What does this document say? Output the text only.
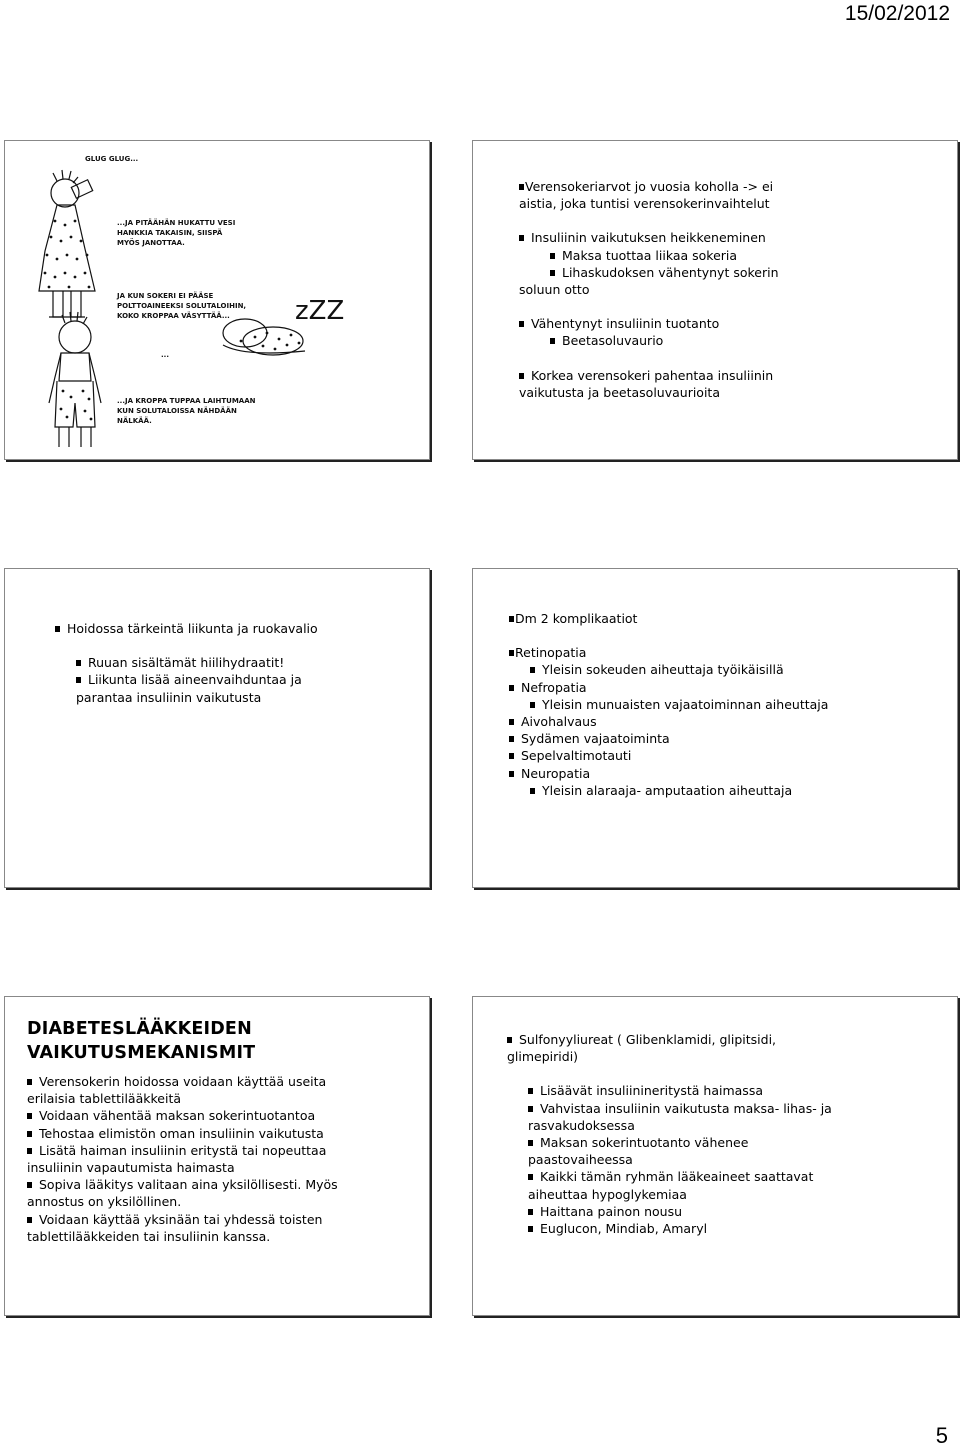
15/02/2012
GLUG GLUG...
...JA PITÄÄHÄN HUKATTU VESI
HANKKIA TAKAISIN, SIISPÄ
MYÖS JANOTTAA.
JA KUN SOKERI EI PÄÄSE
POLTTOAINEEKSI SOLUTALOIHIN,
KOKO KROPPAA VÄSYTTÄÄ...	zZZ
...
...JA KROPPA TUPPAA LAIHTUMAAN
KUN SOLUTALOISSA NÄHDÄÄN
NÄLKÄÄ.
Verensokeriarvot jo vuosia koholla -> ei
aistia, joka tuntisi verensokerinvaihtelut
Insuliinin vaikutuksen heikkeneminen
Maksa tuottaa liikaa sokeria
Lihaskudoksen vähentynyt sokerin
soluun otto
Vähentynyt insuliinin tuotanto
Beetasoluvaurio
Korkea verensokeri pahentaa insuliinin
vaikutusta ja beetasoluvaurioita
Hoidossa tärkeintä liikunta ja ruokavalio
Ruuan sisältämät hiilihydraatit!
Liikunta lisää aineenvaihduntaa ja
parantaa insuliinin vaikutusta
Dm 2 komplikaatiot
Retinopatia
Yleisin sokeuden aiheuttaja työikäisillä
Nefropatia
Yleisin munuaisten vajaatoiminnan aiheuttaja
Aivohalvaus
Sydämen vajaatoiminta
Sepelvaltimotauti
Neuropatia
Yleisin alaraaja- amputaation aiheuttaja
DIABETESLÄÄKKEIDEN
VAIKUTUSMEKANISMIT
Verensokerin hoidossa voidaan käyttää useita
erilaisia tablettilääkkeitä
Voidaan vähentää maksan sokerintuotantoa
Tehostaa elimistön oman insuliinin vaikutusta
Lisätä haiman insuliinin eritystä tai nopeuttaa
insuliinin vapautumista haimasta
Sopiva lääkitys valitaan aina yksilöllisesti. Myös
annostus on yksilöllinen.
Voidaan käyttää yksinään tai yhdessä toisten
tablettilääkkeiden tai insuliinin kanssa.
Sulfonyyliureat ( Glibenklamidi, glipitsidi,
glimepiridi)
Lisäävät insuliinineritystä haimassa
Vahvistaa insuliinin vaikutusta maksa- lihas- ja
rasvakudoksessa
Maksan sokerintuotanto vähenee
paastovaiheessa
Kaikki tämän ryhmän lääkeaineet saattavat
aiheuttaa hypoglykemiaa
Haittana painon nousu
Euglucon, Mindiab, Amaryl
5
